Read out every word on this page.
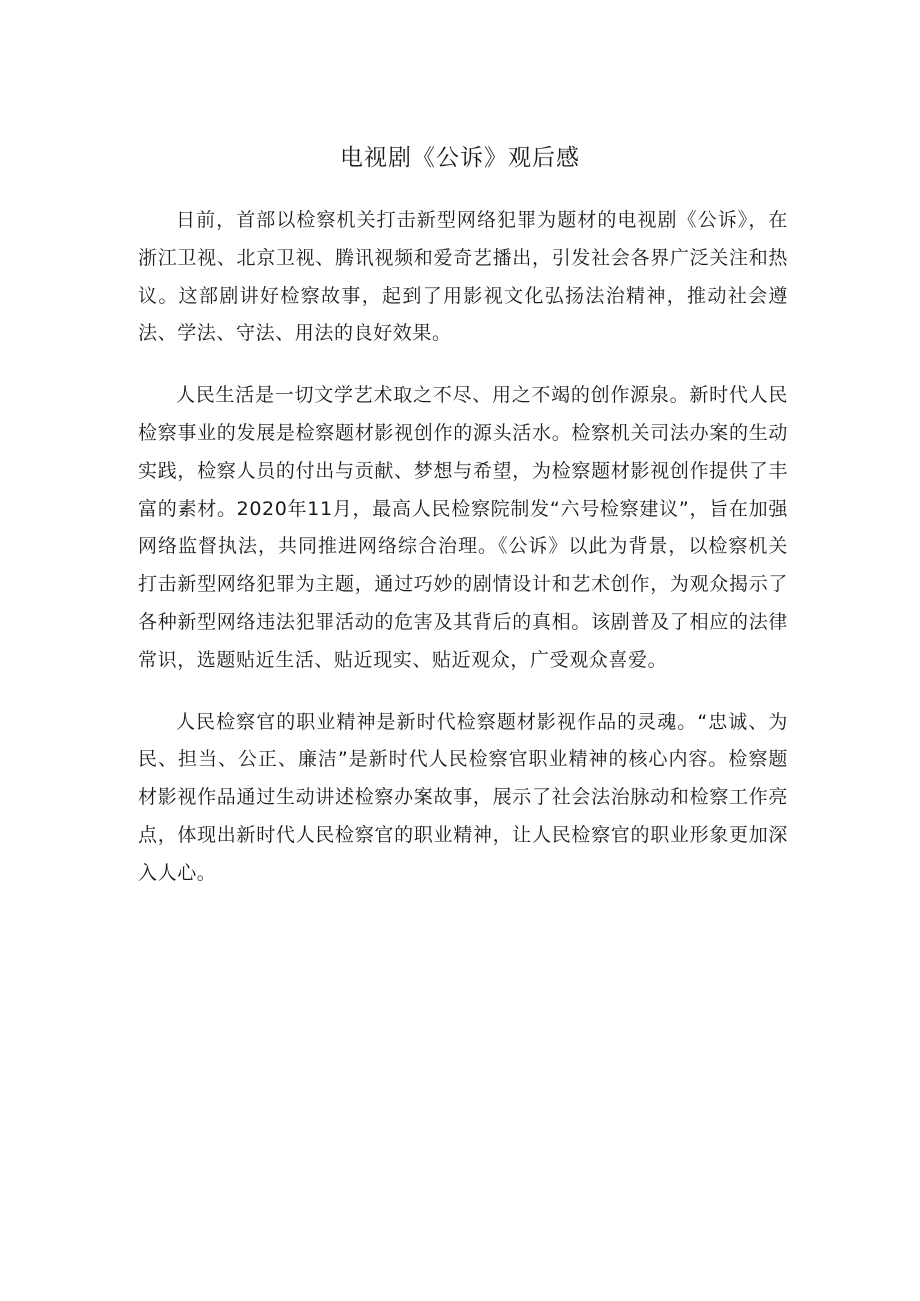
电视剧《公诉》观后感

日前，首部以检察机关打击新型网络犯罪为题材的电视剧《公诉》，在浙江卫视、北京卫视、腾讯视频和爱奇艺播出，引发社会各界广泛关注和热议。这部剧讲好检察故事，起到了用影视文化弘扬法治精神，推动社会遵法、学法、守法、用法的良好效果。

人民生活是一切文学艺术取之不尽、用之不竭的创作源泉。新时代人民检察事业的发展是检察题材影视创作的源头活水。检察机关司法办案的生动实践，检察人员的付出与贡献、梦想与希望，为检察题材影视创作提供了丰富的素材。2020年11月，最高人民检察院制发“六号检察建议”，旨在加强网络监督执法，共同推进网络综合治理。《公诉》以此为背景，以检察机关打击新型网络犯罪为主题，通过巧妙的剧情设计和艺术创作，为观众揭示了各种新型网络违法犯罪活动的危害及其背后的真相。该剧普及了相应的法律常识，选题贴近生活、贴近现实、贴近观众，广受观众喜爱。

人民检察官的职业精神是新时代检察题材影视作品的灵魂。“忠诚、为民、担当、公正、廉洁”是新时代人民检察官职业精神的核心内容。检察题材影视作品通过生动讲述检察办案故事，展示了社会法治脉动和检察工作亮点，体现出新时代人民检察官的职业精神，让人民检察官的职业形象更加深入人心。
